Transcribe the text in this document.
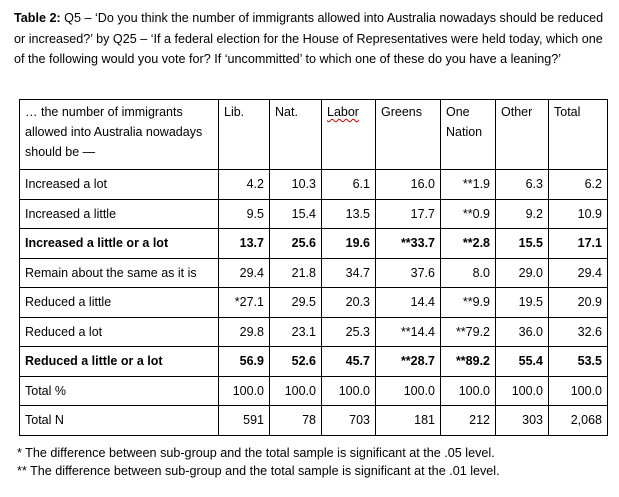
Table 2: Q5 – ‘Do you think the number of immigrants allowed into Australia nowadays should be reduced or increased?’ by Q25 – ‘If a federal election for the House of Representatives were held today, which one of the following would you vote for? If ‘uncommitted’ to which one of these do you have a leaning?’
… the number of immigrants allowed into Australia nowadays should be —	Lib.	Nat.	Labor	Greens	One Nation	Other	Total
Increased a lot	4.2	10.3	6.1	16.0	**1.9	6.3	6.2
Increased a little	9.5	15.4	13.5	17.7	**0.9	9.2	10.9
Increased a little or a lot	13.7	25.6	19.6	**33.7	**2.8	15.5	17.1
Remain about the same as it is	29.4	21.8	34.7	37.6	8.0	29.0	29.4
Reduced a little	*27.1	29.5	20.3	14.4	**9.9	19.5	20.9
Reduced a lot	29.8	23.1	25.3	**14.4	**79.2	36.0	32.6
Reduced a little or a lot	56.9	52.6	45.7	**28.7	**89.2	55.4	53.5
Total %	100.0	100.0	100.0	100.0	100.0	100.0	100.0
Total N	591	78	703	181	212	303	2,068
* The difference between sub-group and the total sample is significant at the .05 level.
** The difference between sub-group and the total sample is significant at the .01 level.
